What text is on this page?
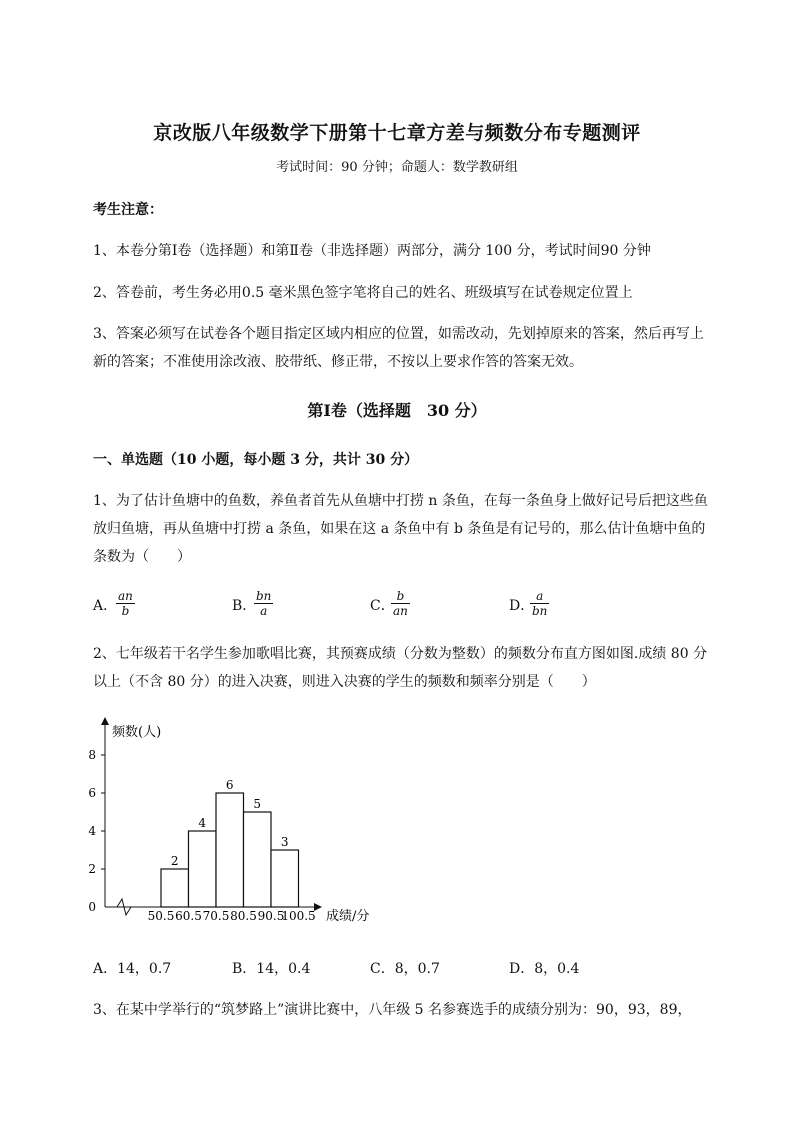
京改版八年级数学下册第十七章方差与频数分布专题测评
考试时间：90 分钟；命题人：数学教研组
考生注意：
1、本卷分第Ⅰ卷（选择题）和第Ⅱ卷（非选择题）两部分，满分 100 分，考试时间90 分钟
2、答卷前，考生务必用0.5 毫米黑色签字笔将自己的姓名、班级填写在试卷规定位置上
3、答案必须写在试卷各个题目指定区域内相应的位置，如需改动，先划掉原来的答案，然后再写上新的答案；不准使用涂改液、胶带纸、修正带，不按以上要求作答的答案无效。
第Ⅰ卷（选择题　30 分）
一、单选题（10 小题，每小题 3 分，共计 30 分）
1、为了估计鱼塘中的鱼数，养鱼者首先从鱼塘中打捞 n 条鱼，在每一条鱼身上做好记号后把这些鱼放归鱼塘，再从鱼塘中打捞 a 条鱼，如果在这 a 条鱼中有 b 条鱼是有记号的，那么估计鱼塘中鱼的条数为（　　）
A．
$\frac{an}{b}$	B．
$\frac{bn}{a}$	C．
$\frac{b}{an}$	D．
$\frac{a}{bn}$
2、七年级若干名学生参加歌唱比赛，其预赛成绩（分数为整数）的频数分布直方图如图.成绩 80 分以上（不含 80 分）的进入决赛，则进入决赛的学生的频数和频率分别是（　　）
频数(人)
成绩/分
0
2
4
6
8
50.5 60.5 70.5 80.5 90.5
100.5
2
4
6
5
3
A．14，0.7	B．14，0.4	C．8，0.7	D．8，0.4
3、在某中学举行的“筑梦路上”演讲比赛中，八年级 5 名参赛选手的成绩分别为：90，93，89，
